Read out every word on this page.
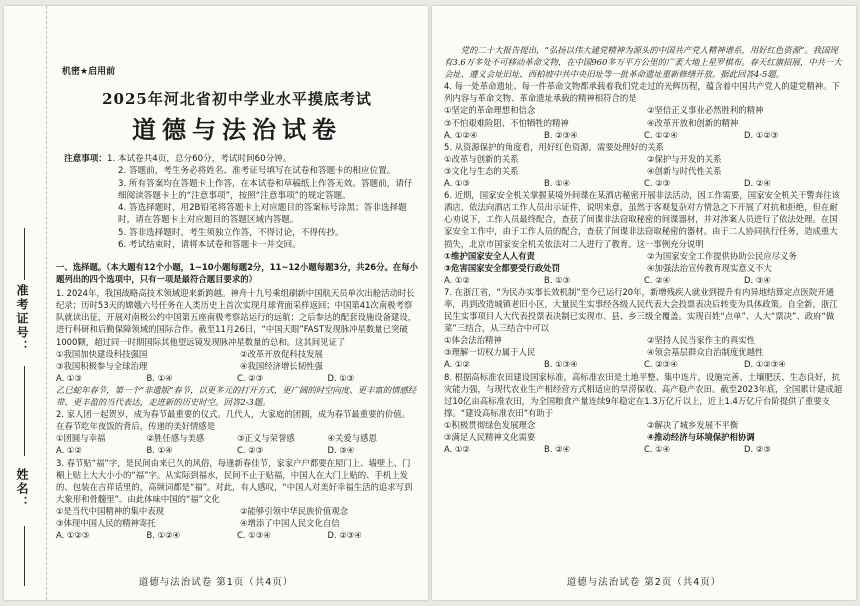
准考证号：
姓名：
机密★启用前
2025年河北省初中学业水平摸底考试
道德与法治试卷
注意事项： 1. 本试卷共4页，总分60分，考试时间60分钟。
2. 答题前，考生务必将姓名、准考证号填写在试卷和答题卡的相应位置。
3. 所有答案均在答题卡上作答，在本试卷和草稿纸上作答无效。答题前，请仔细阅读答题卡上的“注意事项”，按照“注意事项”的规定答题。
4. 答选择题时，用2B铅笔将答题卡上对应题目的答案标号涂黑；答非选择题时，请在答题卡上对应题目的答题区域内答题。
5. 答非选择题时，考生须独立作答，不得讨论，不得传抄。
6. 考试结束时，请将本试卷和答题卡一并交回。
一、选择题。（本大题有12个小题，1~10小题每题2分，11~12小题每题3分，共26分。在每小题列出的四个选项中，只有一项是最符合题目要求的）
1. 2024年，我国战略高技术领域迎来新跨越。神舟十九号乘组刷新中国航天员单次出舱活动时长纪录；历时53天的嫦娥六号任务在人类历史上首次实现月球背面采样返回；中国第41次南极考察队就读出征，开展对南极公约中国第五座南极考察站运行的远航；之后参达的配套设施设备建设，进行科研和后勤保障领域的国际合作。截至11月26日，“中国天眼”FAST发现脉冲星数量已突破1000颗，超过同一时期国际其他望远镜发现脉冲星数量的总和。这其间见证了
①我国加快建设科技强国	②改革开放促科技发展
③我国积极参与全球治理	④我国经济增长韧性强
A. ①③	B. ①④	C. ②③	D. ①③
乙巳蛇年春节，第一个“非遗版”春节，以更多元的打开方式，更广阔的时空向度、更丰富的情感经带、更丰盈的当代表达，走进新的历史时空。回答2-3题。
2. 家人团一起贺岁，成为春节最重要的仪式。几代人，大家庭的团圆，成为春节最重要的价值。在春节吃年夜饭的背后，传递的美好情感是
①团圆与幸福	②胜任感与美感	③正义与荣誉感	④关爱与感恩
A. ①②	B. ①④	C. ②③	D. ③④
3. 春节贴“福”字，是民间由来已久的风俗，每逢新春佳节，家家户户都要在屋门上、墙壁上、门楣上贴上大大小小的“福”字。从实际到福水，民间不止于贴福，中国人在大门上贴的、手机上发的、包装在吉祥话里的，高频词都是“福”。对此，有人感叹，“中国人对美好幸福生活的追求写到大象形和骨髓里”。由此体味中国的“福”文化
①是当代中国精神的集中表现	②能够引领中华民族价值观念
③体现中国人民的精神寄托	④增添了中国人民文化自信
A. ①②③	B. ①②④	C. ①③④	D. ②③④
道德与法治试卷 第1页（共4页）
党的二十大报告提出，“弘扬以伟大建党精神为源头的中国共产党人精神谱系，用好红色资源”。我国现有3.6万多处不可移动革命文物，在中国960多万平方公里的广袤大地上星罗棋布。春天红旗招展，中共一大会址、遵义会址旧址、西柏坡中共中央旧址等一批革命遗址重新修缮开放。据此回答4-5题。
4. 每一处革命遗址、每一件革命文物都承载着我们党走过的光辉历程，蕴含着中国共产党人的建党精神。下列内容与革命文物、革命遗址承载的精神相符合的是
①坚定的革命理想和信念	②坚信正义事业必然胜利的精神
③不怕艰难险阻、不怕牺牲的精神	④改革开放和创新的精神
A. ①②④	B. ②③④	C. ①②④	D. ①②③
5. 从资源保护的角度看，用好红色资源，需要处理好的关系
①改革与创新的关系	②保护与开发的关系
③文化与生态的关系	④创新与时代性关系
A. ①③	B. ①④	C. ②③	D. ②④
6. 近期，国家安全机关掌握某境外间谍在某酒店秘密开展非法活动，因工作需要，国家安全机关干警奔往该酒店，依法向酒店工作人员出示证件，说明来意，虽然于客观复杂对方情急之下开展了对抗和拒绝，但在耐心劝说下，工作人员最终配合，查获了间谍非法窃取秘密的间谍器材，并对涉案人员进行了依法处理。在国家安全工作中，由于工作人员的配合，查获了间谍非法窃取秘密的器材。由于二人协同执行任务，造成重大损失，北京市国家安全机关依法对二人进行了教育。这一事例充分说明
①维护国家安全人人有责	②为国家安全工作提供协助公民应尽义务
③危害国家安全都要受行政处罚	④加强法治宣传教育现实意义不大
A. ①②	B. ①③	C. ②④	D. ③④
7. 在浙江省，“为民办实事长效机制”至今已运行20年，新增残疾人就业到提升有内异地结算定点医院开通率，再到改造城镇老旧小区，大量民生实事经各级人民代表大会投票表决后转变为具体政策。自全新，浙江民生实事项目人大代表投票表决制已实现市、县、乡三级全覆盖。实现百姓“点单”、人大“票决”、政府“做菜”三结合，从三结合中可以
①体会法治精神	②坚持人民当家作主的真实性
③理解一切权力属于人民	④领会基层群众自治制度优越性
A. ①②	B. ①③④	C. ②③④	D. ①②③④
8. 根据高标准农田建设国家标准，高标准农田是土地平整、集中连片，设施完善、土壤肥沃、生态良好，抗灾能力强，与现代农业生产相经营方式相适应的旱涝保收、高产稳产农田。截至2023年底，全国累计建成超过10亿亩高标准农田，为全国粮食产量连续9年稳定在1.3万亿斤以上，近上1.4万亿斤台阶提供了重要支撑。“建设高标准农田”有助于
①积极贯彻绿色发展理念	②解决了城乡发展不平衡
③满足人民精神文化需要	④推动经济与环境保护相协调
A. ①②	B. ②④	C. ①④	D. ②③
道德与法治试卷 第2页（共4页）
